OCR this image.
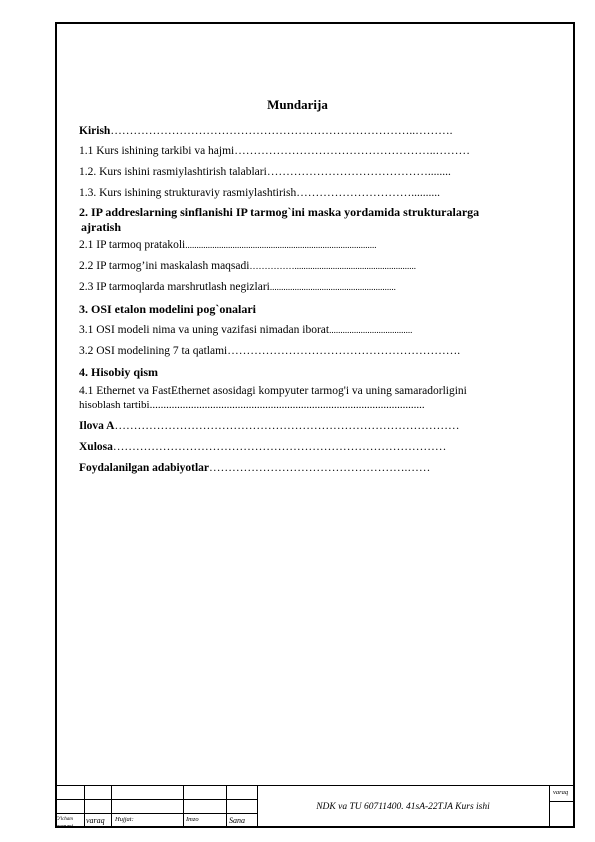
Mundarija
Kirish……………………………………………………………………..……….
1.1 Kurs ishining tarkibi va hajmi……………………………………………..………
1.2. Kurs ishini rasmiylashtirish talablari……………………………………........
1.3. Kurs ishining strukturaviy rasmiylashtirish…………………………..........
2. IP addreslarning sinflanishi IP tarmog`ini maska yordamida strukturalarga
ajratish
2.1 IP tarmoq pratakoli.....................................................................................
2.2 IP tarmog’ini maskalash maqsadi……………......................................................
2.3 IP tarmoqlarda marshrutlash negizlari........................................................
3. OSI etalon modelini pog`onalari
3.1 OSI modeli nima va uning vazifasi nimadan iborat.....................................
3.2 OSI modelining 7 ta qatlami…………………………………………………….
4. Hisobiy qism
4.1 Ethernet va FastEthernet asosidagi kompyuter tarmog'i va uning samaradorligini
hisoblash tartibi....................................................................................................
Ilova A………………………………………………………………………………
Xulosa……………………………………………………………………………
Foydalanilgan adabiyotlar…………………………………………….……
O'lcham
nomeri
varaq Hujjat:	Imzo	Sana
NDK va TU 60711400. 41sA-22TJA Kurs ishi
varaq
